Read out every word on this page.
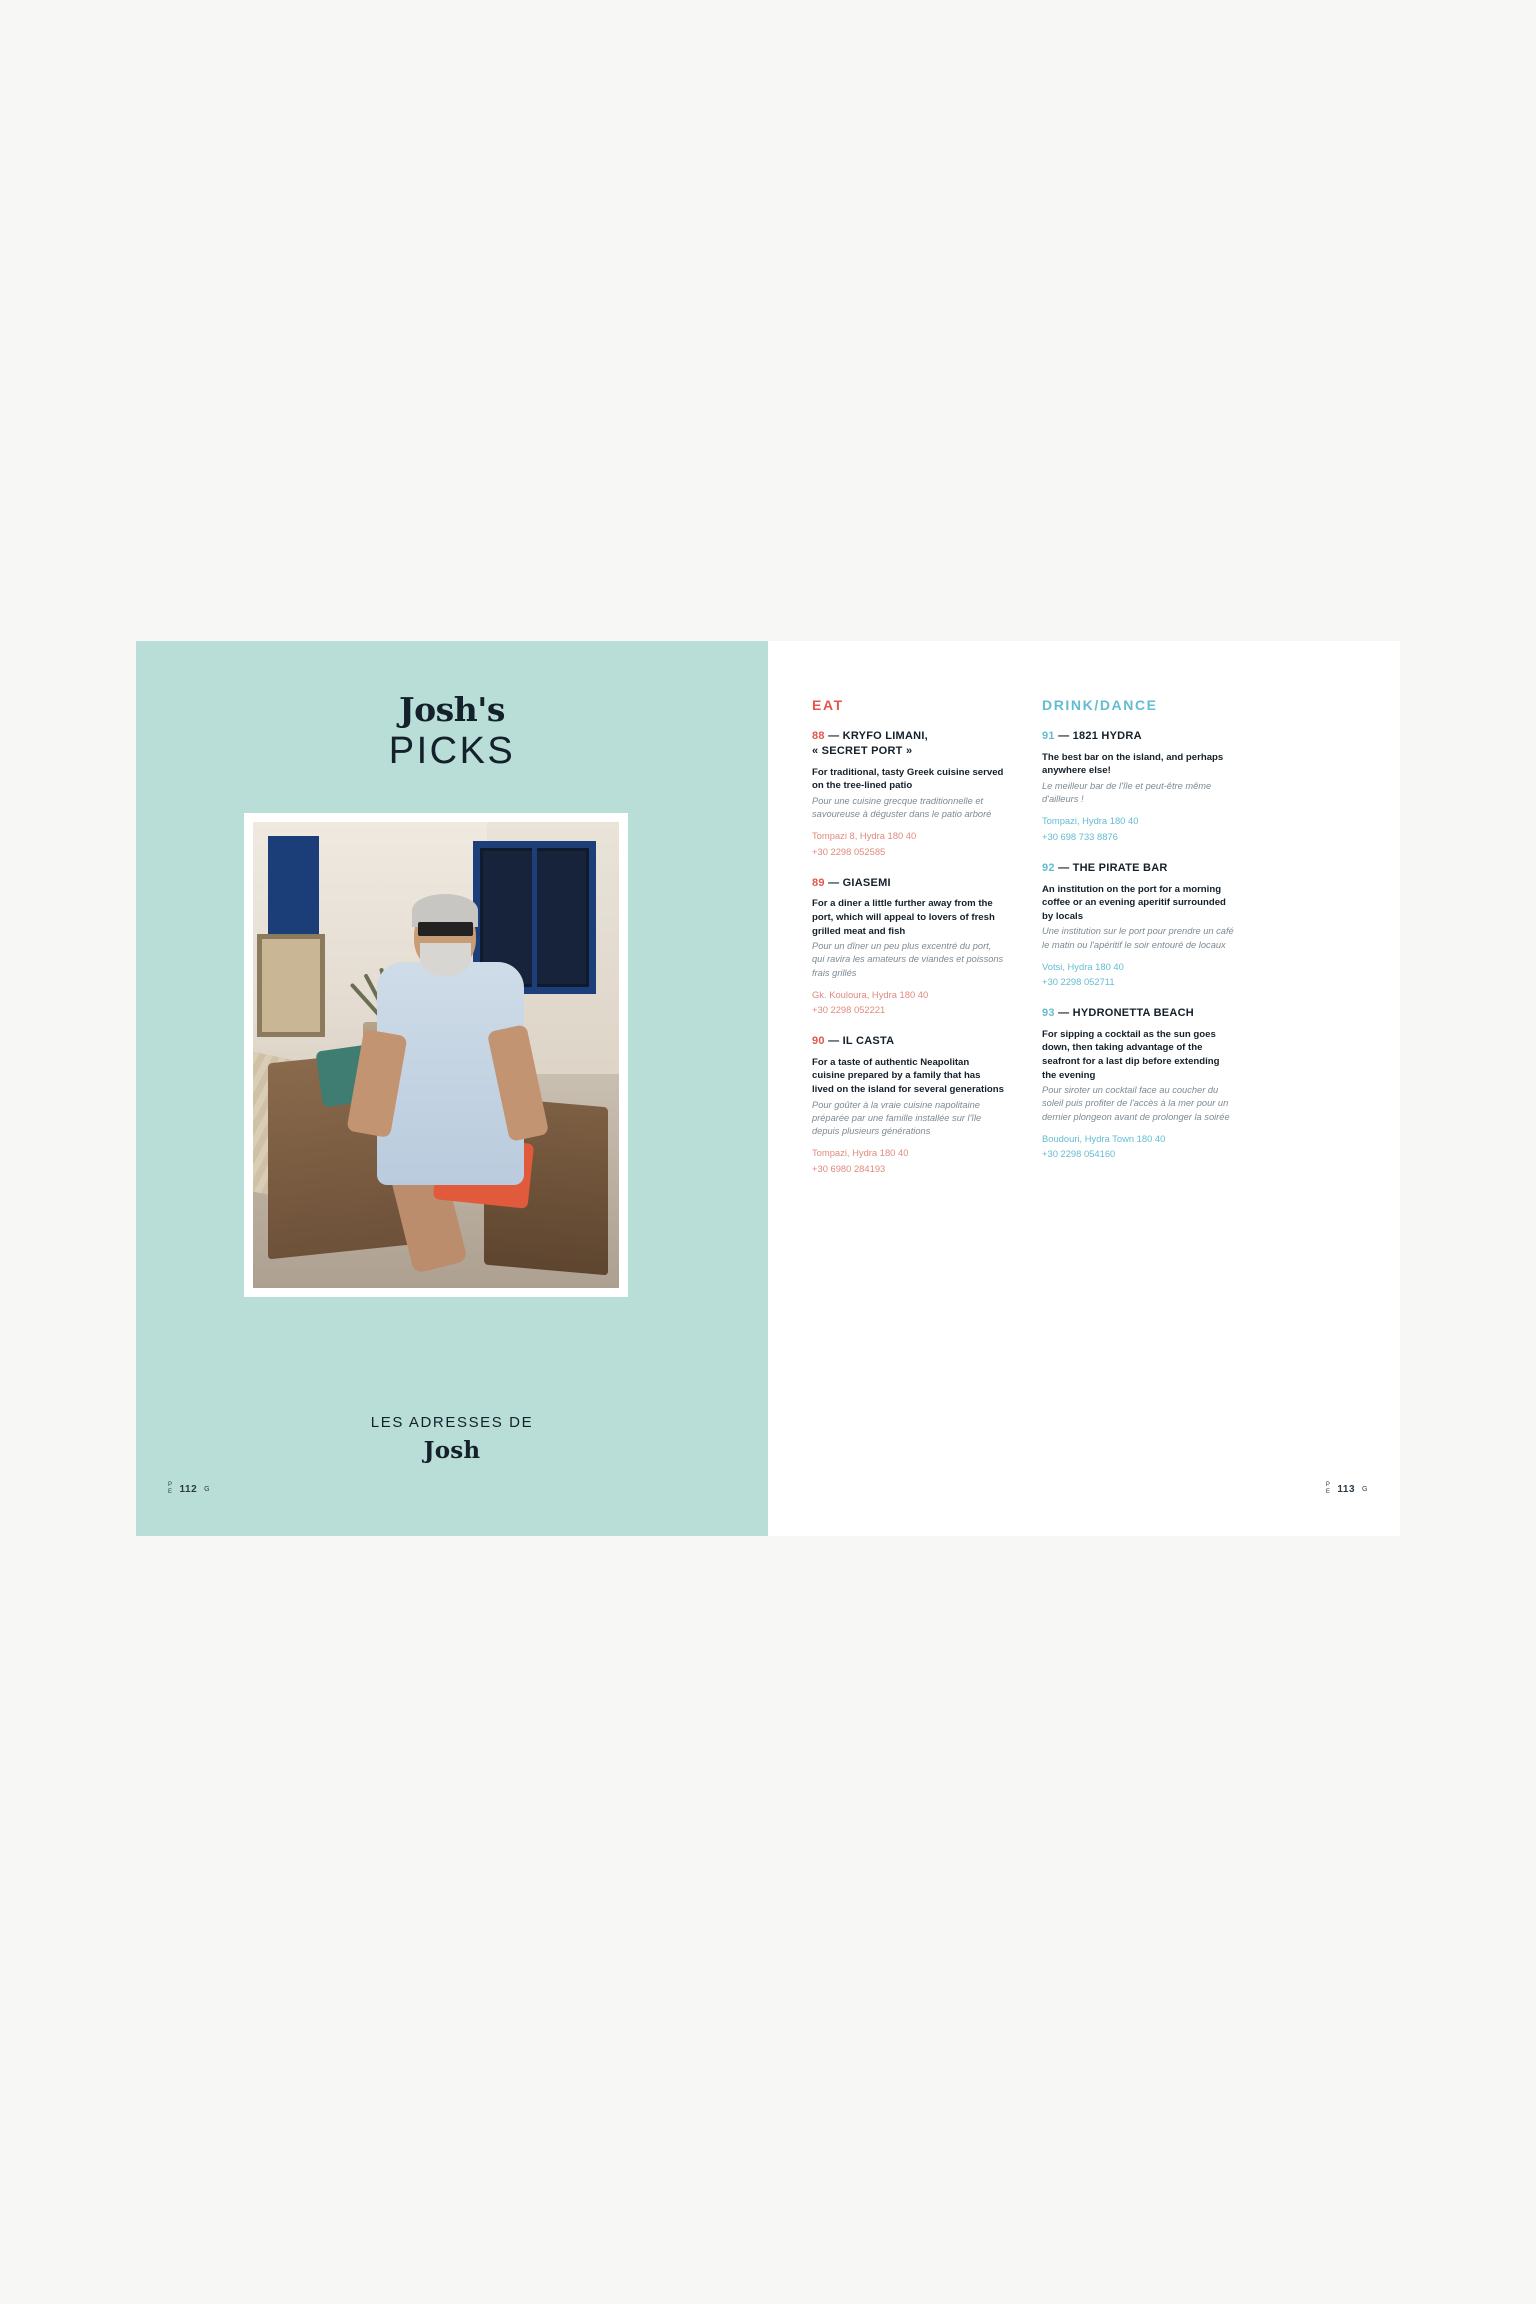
Josh's
PICKS
LES ADRESSES DE
Josh
P
E 112 G
EAT
88 — KRYFO LIMANI,
« SECRET PORT »
For traditional, tasty Greek cuisine served on the tree-lined patio
Pour une cuisine grecque traditionnelle et savoureuse à déguster dans le patio arboré
Tompazi 8, Hydra 180 40
+30 2298 052585
89 — GIASEMI
For a diner a little further away from the port, which will appeal to lovers of fresh grilled meat and fish
Pour un dîner un peu plus excentré du port, qui ravira les amateurs de viandes et poissons frais grillés
Gk. Kouloura, Hydra 180 40
+30 2298 052221
90 — IL CASTA
For a taste of authentic Neapolitan cuisine prepared by a family that has lived on the island for several generations
Pour goûter à la vraie cuisine napolitaine préparée par une famille installée sur l'île depuis plusieurs générations
Tompazi, Hydra 180 40
+30 6980 284193
DRINK/DANCE
91 — 1821 HYDRA
The best bar on the island, and perhaps anywhere else!
Le meilleur bar de l'île et peut-être même d'ailleurs !
Tompazi, Hydra 180 40
+30 698 733 8876
92 — THE PIRATE BAR
An institution on the port for a morning coffee or an evening aperitif surrounded by locals
Une institution sur le port pour prendre un café le matin ou l'apéritif le soir entouré de locaux
Votsi, Hydra 180 40
+30 2298 052711
93 — HYDRONETTA BEACH
For sipping a cocktail as the sun goes down, then taking advantage of the seafront for a last dip before extending the evening
Pour siroter un cocktail face au coucher du soleil puis profiter de l'accès à la mer pour un dernier plongeon avant de prolonger la soirée
Boudouri, Hydra Town 180 40
+30 2298 054160
P
E 113 G
